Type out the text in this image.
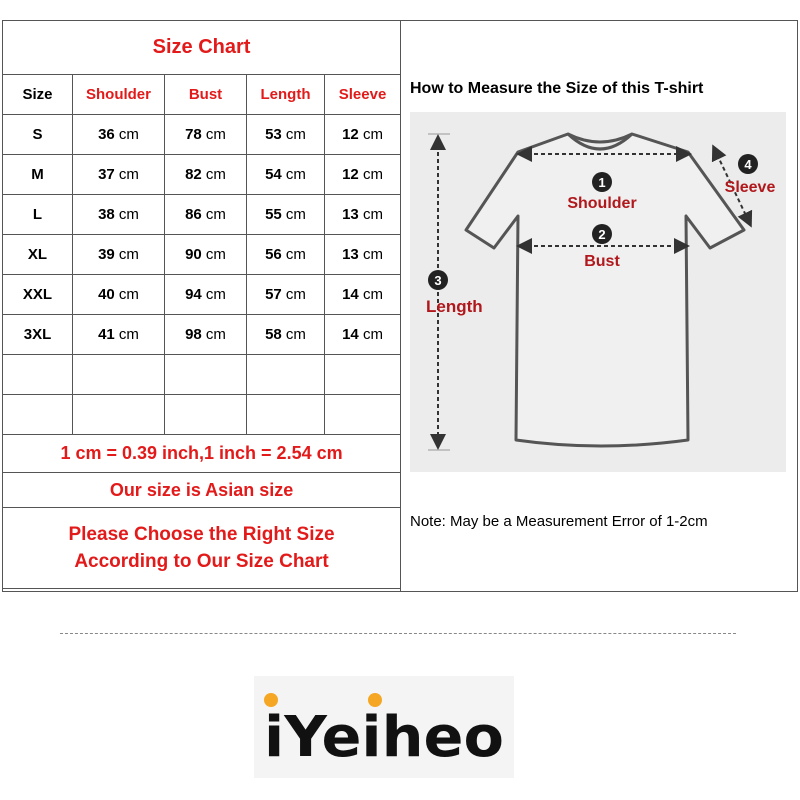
Size Chart				
Size	Shoulder	Bust	Length	Sleeve
S	36 cm	78 cm	53 cm	12 cm
M	37 cm	82 cm	54 cm	12 cm
L	38 cm	86 cm	55 cm	13 cm
XL	39 cm	90 cm	56 cm	13 cm
XXL	40 cm	94 cm	57 cm	14 cm
3XL	41 cm	98 cm	58 cm	14 cm

1 cm = 0.39 inch,1 inch = 2.54 cm				
Our size is Asian size				

Please Choose the Right Size
According to Our Size Chart				
How to Measure the Size of this T-shirt
1
Shoulder
2
Bust
3
Length
4
Sleeve
Note: May be a Measurement Error of 1-2cm
iYeiheo
